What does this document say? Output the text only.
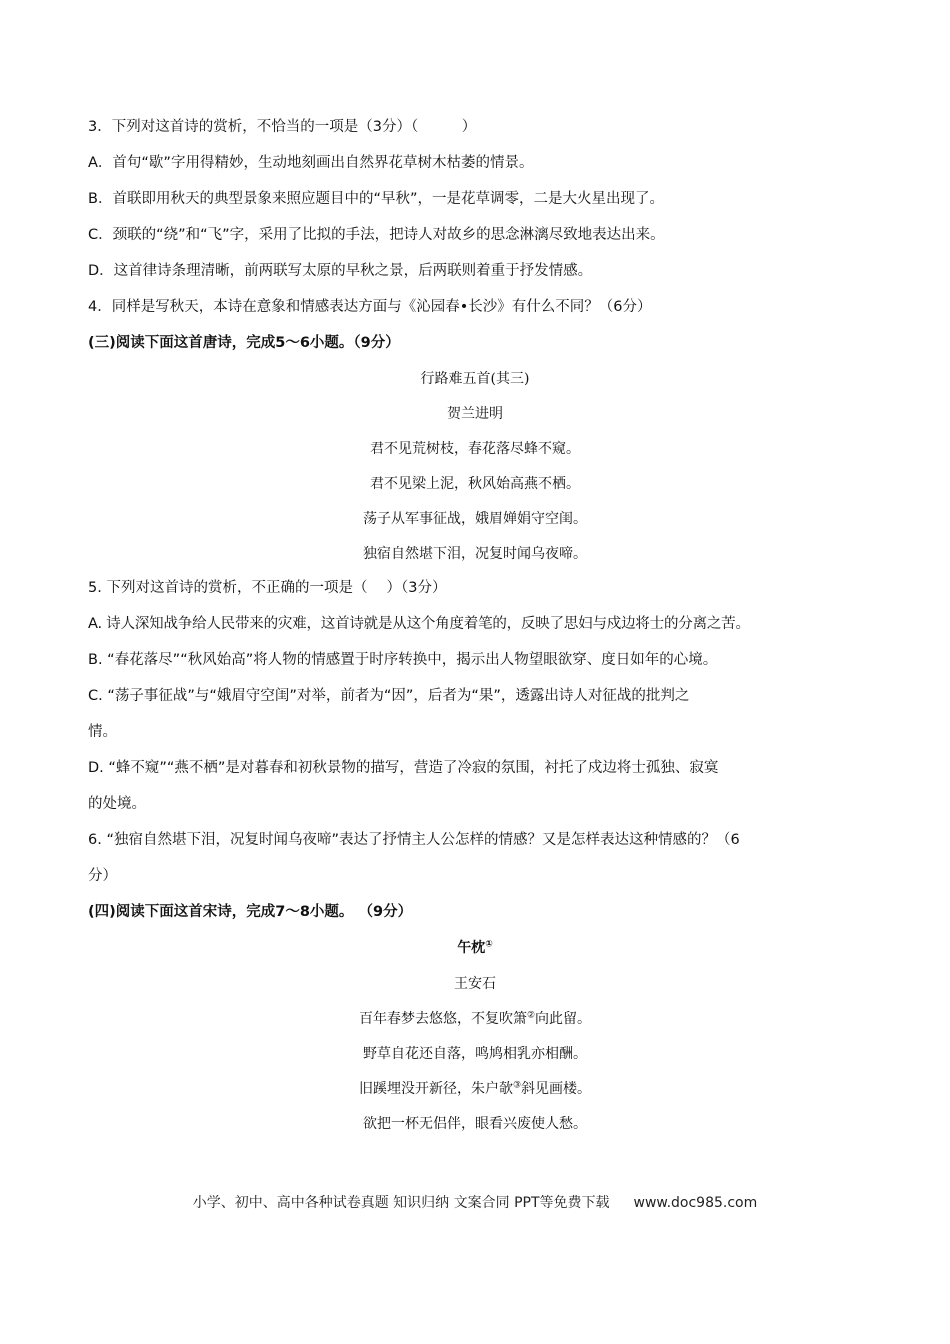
3．下列对这首诗的赏析，不恰当的一项是（3分）（　　　）
A．首句“歇”字用得精妙，生动地刻画出自然界花草树木枯萎的情景。
B．首联即用秋天的典型景象来照应题目中的“早秋”，一是花草调零，二是大火星出现了。
C．颈联的“绕”和“飞”字，采用了比拟的手法，把诗人对故乡的思念淋漓尽致地表达出来。
D．这首律诗条理清晰，前两联写太原的早秋之景，后两联则着重于抒发情感。
4．同样是写秋天，本诗在意象和情感表达方面与《沁园春•长沙》有什么不同？（6分）
(三)阅读下面这首唐诗，完成5～6小题。（9分）
行路难五首(其三)
贺兰进明
君不见荒树枝，春花落尽蜂不窥。
君不见梁上泥，秋风始高燕不栖。
荡子从军事征战，娥眉婵娟守空闺。
独宿自然堪下泪，况复时闻乌夜啼。
5. 下列对这首诗的赏析，不正确的一项是（　 ）（3分）
A. 诗人深知战争给人民带来的灾难，这首诗就是从这个角度着笔的，反映了思妇与戍边将士的分离之苦。
B. “春花落尽”“秋风始高”将人物的情感置于时序转换中，揭示出人物望眼欲穿、度日如年的心境。
C. “荡子事征战”与“娥眉守空闺”对举，前者为“因”，后者为“果”，透露出诗人对征战的批判之
情。
D. “蜂不窥”“燕不栖”是对暮春和初秋景物的描写，营造了冷寂的氛围，衬托了戍边将士孤独、寂寞
的处境。
6. “独宿自然堪下泪，况复时闻乌夜啼”表达了抒情主人公怎样的情感？又是怎样表达这种情感的？（6
分）
(四)阅读下面这首宋诗，完成7～8小题。 （9分）
午枕①
王安石
百年春梦去悠悠，不复吹箫②向此留。
野草自花还自落，鸣鸠相乳亦相酬。
旧蹊埋没开新径，朱户欹③斜见画楼。
欲把一杯无侣伴，眼看兴废使人愁。
小学、初中、高中各种试卷真题 知识归纳 文案合同 PPT等免费下载 www.doc985.com
